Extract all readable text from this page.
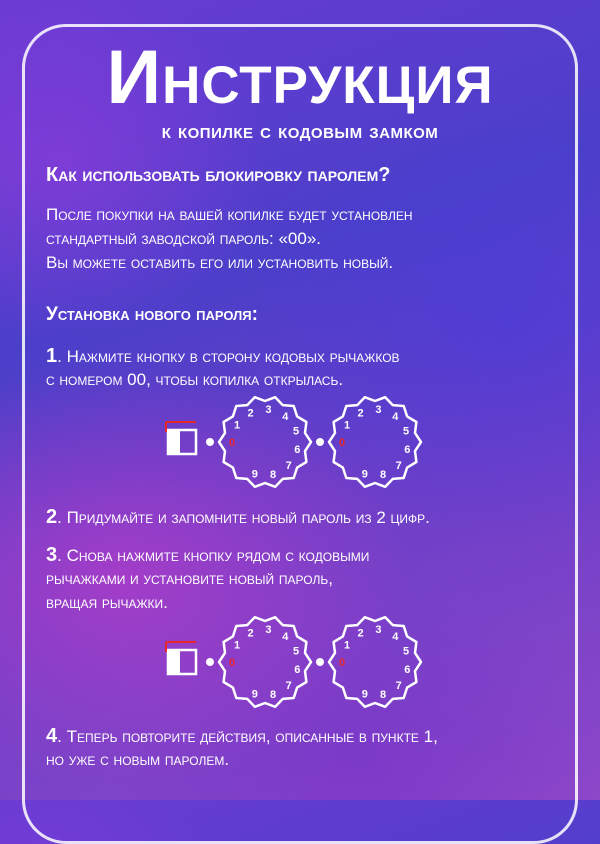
Инструкция
к копилке с кодовым замком
Как использовать блокировку паролем?
После покупки на вашей копилке будет установлен
стандартный заводской пароль: «00».
Вы можете оставить его или установить новый.
Установка нового пароля:
1. Нажмите кнопку в сторону кодовых рычажков
с номером 00, чтобы копилка открылась.
0
1
2 3
4
5
6
7
8
9
0
1
2 3
4
5
6
7
8
9
2. Придумайте и запомните новый пароль из 2 цифр.
3. Снова нажмите кнопку рядом с кодовыми
рычажками и установите новый пароль,
вращая рычажки.
0
1
2 3
4
5
6
7
8
9
0
1
2 3
4
5
6
7
8
9
4. Теперь повторите действия, описанные в пункте 1,
но уже с новым паролем.
